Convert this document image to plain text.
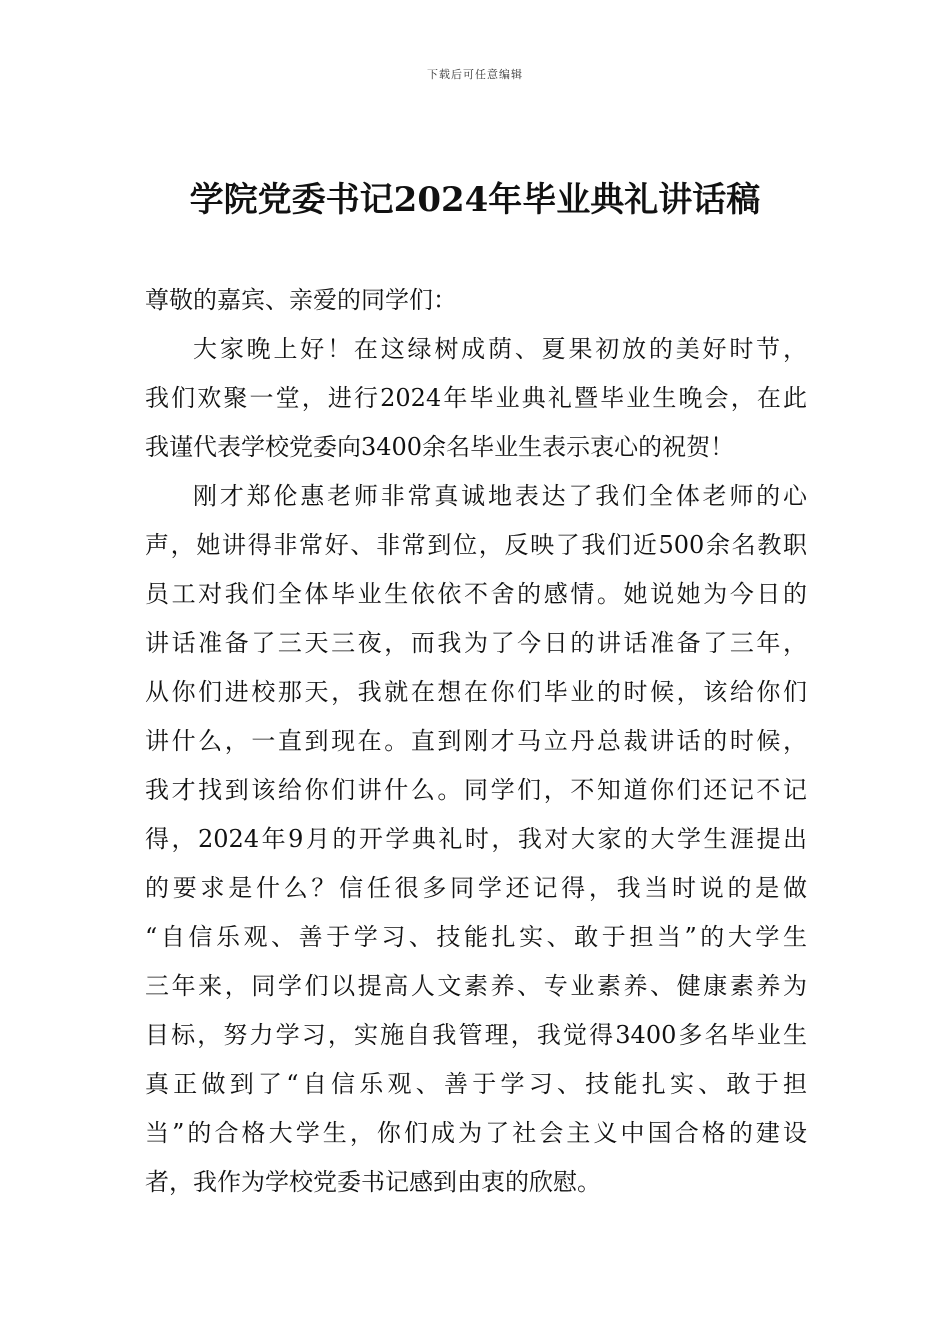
下载后可任意编辑
学院党委书记2024年毕业典礼讲话稿

尊敬的嘉宾、亲爱的同学们：

大家晚上好！在这绿树成荫、夏果初放的美好时节，
我们欢聚一堂，进行2024年毕业典礼暨毕业生晚会，在此
我谨代表学校党委向3400余名毕业生表示衷心的祝贺！
刚才郑伦惠老师非常真诚地表达了我们全体老师的心
声，她讲得非常好、非常到位，反映了我们近500余名教职
员工对我们全体毕业生依依不舍的感情。她说她为今日的
讲话准备了三天三夜，而我为了今日的讲话准备了三年，
从你们进校那天，我就在想在你们毕业的时候，该给你们
讲什么，一直到现在。直到刚才马立丹总裁讲话的时候，
我才找到该给你们讲什么。同学们，不知道你们还记不记
得，2024年9月的开学典礼时，我对大家的大学生涯提出
的要求是什么？信任很多同学还记得，我当时说的是做
“自信乐观、善于学习、技能扎实、敢于担当”的大学生
三年来，同学们以提高人文素养、专业素养、健康素养为
目标，努力学习，实施自我管理，我觉得3400多名毕业生
真正做到了“自信乐观、善于学习、技能扎实、敢于担
当”的合格大学生，你们成为了社会主义中国合格的建设
者，我作为学校党委书记感到由衷的欣慰。
